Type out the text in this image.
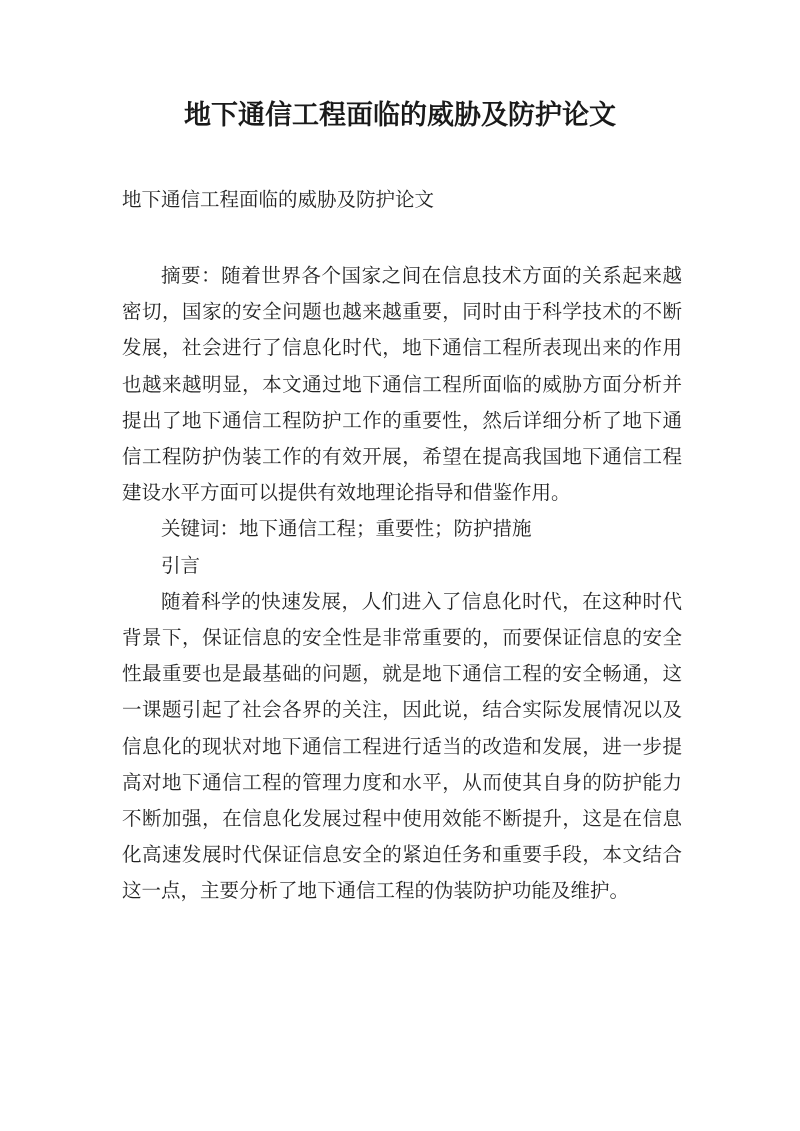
地下通信工程面临的威胁及防护论文

地下通信工程面临的威胁及防护论文

摘要：随着世界各个国家之间在信息技术方面的关系起来越密切，国家的安全问题也越来越重要，同时由于科学技术的不断发展，社会进行了信息化时代，地下通信工程所表现出来的作用也越来越明显，本文通过地下通信工程所面临的威胁方面分析并提出了地下通信工程防护工作的重要性，然后详细分析了地下通信工程防护伪装工作的有效开展，希望在提高我国地下通信工程建设水平方面可以提供有效地理论指导和借鉴作用。

关键词：地下通信工程；重要性；防护措施

引言

随着科学的快速发展，人们进入了信息化时代，在这种时代背景下，保证信息的安全性是非常重要的，而要保证信息的安全性最重要也是最基础的问题，就是地下通信工程的安全畅通，这一课题引起了社会各界的关注，因此说，结合实际发展情况以及信息化的现状对地下通信工程进行适当的改造和发展，进一步提高对地下通信工程的管理力度和水平，从而使其自身的防护能力不断加强，在信息化发展过程中使用效能不断提升，这是在信息化高速发展时代保证信息安全的紧迫任务和重要手段，本文结合这一点，主要分析了地下通信工程的伪装防护功能及维护。
